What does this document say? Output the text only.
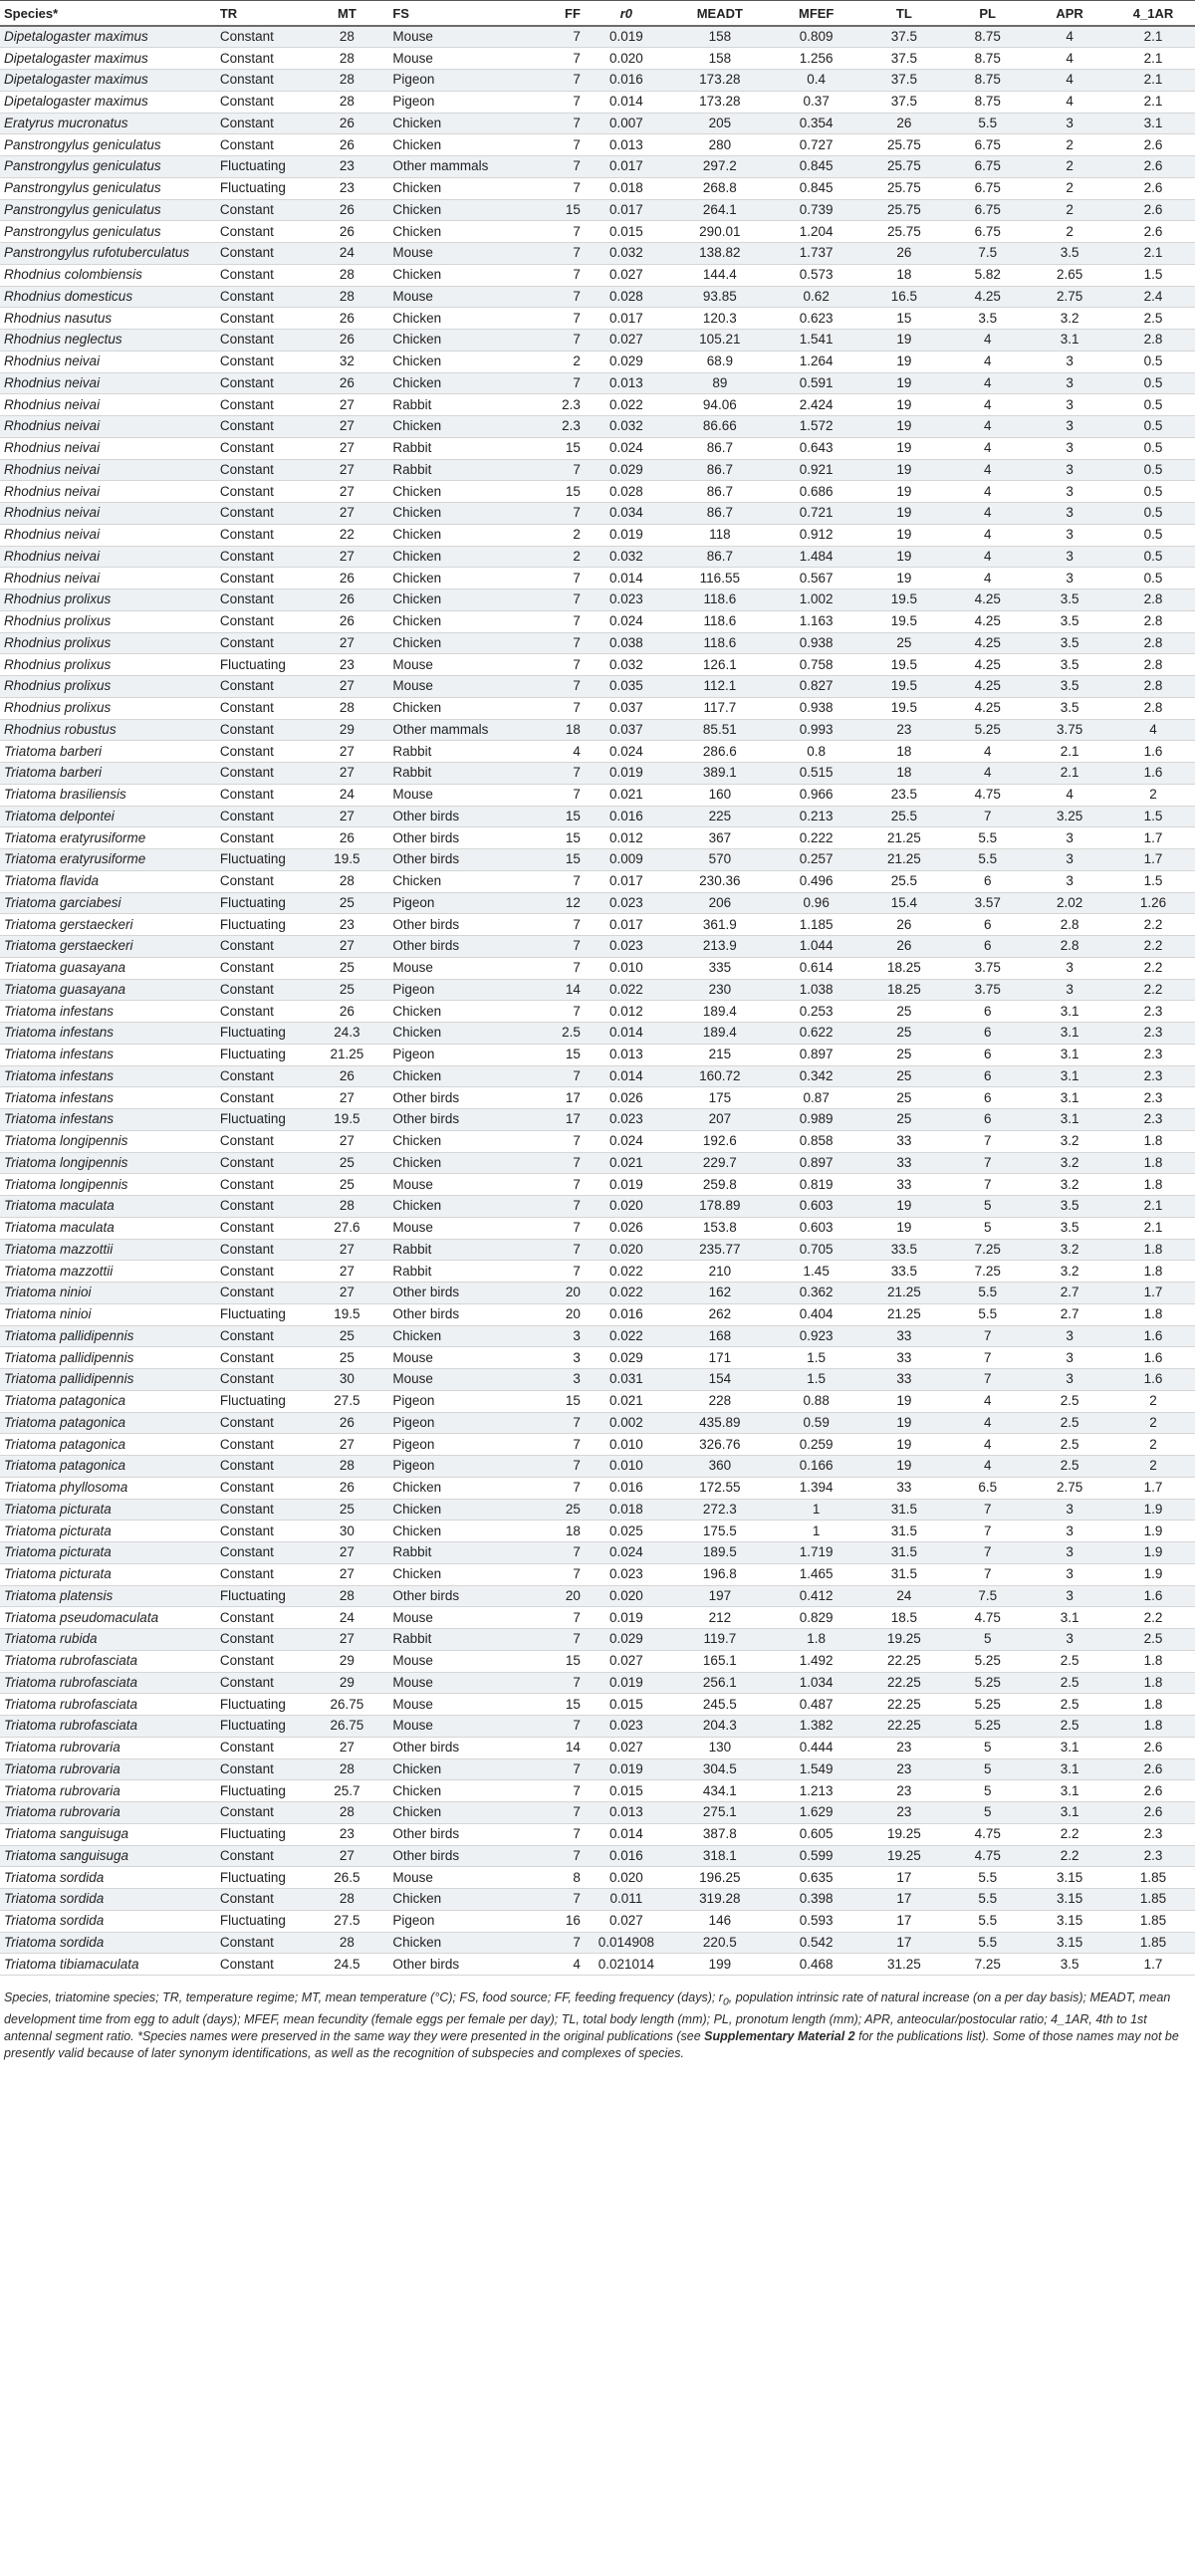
Species*	TR	MT	FS	FF	r0	MEADT	MFEF	TL	PL	APR	4_1AR
Dipetalogaster maximus	Constant	28	Mouse	7	0.019	158	0.809	37.5	8.75	4	2.1
Dipetalogaster maximus	Constant	28	Mouse	7	0.020	158	1.256	37.5	8.75	4	2.1
Dipetalogaster maximus	Constant	28	Pigeon	7	0.016	173.28	0.4	37.5	8.75	4	2.1
Dipetalogaster maximus	Constant	28	Pigeon	7	0.014	173.28	0.37	37.5	8.75	4	2.1
Eratyrus mucronatus	Constant	26	Chicken	7	0.007	205	0.354	26	5.5	3	3.1
Panstrongylus geniculatus	Constant	26	Chicken	7	0.013	280	0.727	25.75	6.75	2	2.6
Panstrongylus geniculatus	Fluctuating	23	Other mammals	7	0.017	297.2	0.845	25.75	6.75	2	2.6
Panstrongylus geniculatus	Fluctuating	23	Chicken	7	0.018	268.8	0.845	25.75	6.75	2	2.6
Panstrongylus geniculatus	Constant	26	Chicken	15	0.017	264.1	0.739	25.75	6.75	2	2.6
Panstrongylus geniculatus	Constant	26	Chicken	7	0.015	290.01	1.204	25.75	6.75	2	2.6
Panstrongylus rufotuberculatus	Constant	24	Mouse	7	0.032	138.82	1.737	26	7.5	3.5	2.1
Rhodnius colombiensis	Constant	28	Chicken	7	0.027	144.4	0.573	18	5.82	2.65	1.5
Rhodnius domesticus	Constant	28	Mouse	7	0.028	93.85	0.62	16.5	4.25	2.75	2.4
Rhodnius nasutus	Constant	26	Chicken	7	0.017	120.3	0.623	15	3.5	3.2	2.5
Rhodnius neglectus	Constant	26	Chicken	7	0.027	105.21	1.541	19	4	3.1	2.8
Rhodnius neivai	Constant	32	Chicken	2	0.029	68.9	1.264	19	4	3	0.5
Rhodnius neivai	Constant	26	Chicken	7	0.013	89	0.591	19	4	3	0.5
Rhodnius neivai	Constant	27	Rabbit	2.3	0.022	94.06	2.424	19	4	3	0.5
Rhodnius neivai	Constant	27	Chicken	2.3	0.032	86.66	1.572	19	4	3	0.5
Rhodnius neivai	Constant	27	Rabbit	15	0.024	86.7	0.643	19	4	3	0.5
Rhodnius neivai	Constant	27	Rabbit	7	0.029	86.7	0.921	19	4	3	0.5
Rhodnius neivai	Constant	27	Chicken	15	0.028	86.7	0.686	19	4	3	0.5
Rhodnius neivai	Constant	27	Chicken	7	0.034	86.7	0.721	19	4	3	0.5
Rhodnius neivai	Constant	22	Chicken	2	0.019	118	0.912	19	4	3	0.5
Rhodnius neivai	Constant	27	Chicken	2	0.032	86.7	1.484	19	4	3	0.5
Rhodnius neivai	Constant	26	Chicken	7	0.014	116.55	0.567	19	4	3	0.5
Rhodnius prolixus	Constant	26	Chicken	7	0.023	118.6	1.002	19.5	4.25	3.5	2.8
Rhodnius prolixus	Constant	26	Chicken	7	0.024	118.6	1.163	19.5	4.25	3.5	2.8
Rhodnius prolixus	Constant	27	Chicken	7	0.038	118.6	0.938	25	4.25	3.5	2.8
Rhodnius prolixus	Fluctuating	23	Mouse	7	0.032	126.1	0.758	19.5	4.25	3.5	2.8
Rhodnius prolixus	Constant	27	Mouse	7	0.035	112.1	0.827	19.5	4.25	3.5	2.8
Rhodnius prolixus	Constant	28	Chicken	7	0.037	117.7	0.938	19.5	4.25	3.5	2.8
Rhodnius robustus	Constant	29	Other mammals	18	0.037	85.51	0.993	23	5.25	3.75	4
Triatoma barberi	Constant	27	Rabbit	4	0.024	286.6	0.8	18	4	2.1	1.6
Triatoma barberi	Constant	27	Rabbit	7	0.019	389.1	0.515	18	4	2.1	1.6
Triatoma brasiliensis	Constant	24	Mouse	7	0.021	160	0.966	23.5	4.75	4	2
Triatoma delpontei	Constant	27	Other birds	15	0.016	225	0.213	25.5	7	3.25	1.5
Triatoma eratyrusiforme	Constant	26	Other birds	15	0.012	367	0.222	21.25	5.5	3	1.7
Triatoma eratyrusiforme	Fluctuating	19.5	Other birds	15	0.009	570	0.257	21.25	5.5	3	1.7
Triatoma flavida	Constant	28	Chicken	7	0.017	230.36	0.496	25.5	6	3	1.5
Triatoma garciabesi	Fluctuating	25	Pigeon	12	0.023	206	0.96	15.4	3.57	2.02	1.26
Triatoma gerstaeckeri	Fluctuating	23	Other birds	7	0.017	361.9	1.185	26	6	2.8	2.2
Triatoma gerstaeckeri	Constant	27	Other birds	7	0.023	213.9	1.044	26	6	2.8	2.2
Triatoma guasayana	Constant	25	Mouse	7	0.010	335	0.614	18.25	3.75	3	2.2
Triatoma guasayana	Constant	25	Pigeon	14	0.022	230	1.038	18.25	3.75	3	2.2
Triatoma infestans	Constant	26	Chicken	7	0.012	189.4	0.253	25	6	3.1	2.3
Triatoma infestans	Fluctuating	24.3	Chicken	2.5	0.014	189.4	0.622	25	6	3.1	2.3
Triatoma infestans	Fluctuating	21.25	Pigeon	15	0.013	215	0.897	25	6	3.1	2.3
Triatoma infestans	Constant	26	Chicken	7	0.014	160.72	0.342	25	6	3.1	2.3
Triatoma infestans	Constant	27	Other birds	17	0.026	175	0.87	25	6	3.1	2.3
Triatoma infestans	Fluctuating	19.5	Other birds	17	0.023	207	0.989	25	6	3.1	2.3
Triatoma longipennis	Constant	27	Chicken	7	0.024	192.6	0.858	33	7	3.2	1.8
Triatoma longipennis	Constant	25	Chicken	7	0.021	229.7	0.897	33	7	3.2	1.8
Triatoma longipennis	Constant	25	Mouse	7	0.019	259.8	0.819	33	7	3.2	1.8
Triatoma maculata	Constant	28	Chicken	7	0.020	178.89	0.603	19	5	3.5	2.1
Triatoma maculata	Constant	27.6	Mouse	7	0.026	153.8	0.603	19	5	3.5	2.1
Triatoma mazzottii	Constant	27	Rabbit	7	0.020	235.77	0.705	33.5	7.25	3.2	1.8
Triatoma mazzottii	Constant	27	Rabbit	7	0.022	210	1.45	33.5	7.25	3.2	1.8
Triatoma ninioi	Constant	27	Other birds	20	0.022	162	0.362	21.25	5.5	2.7	1.7
Triatoma ninioi	Fluctuating	19.5	Other birds	20	0.016	262	0.404	21.25	5.5	2.7	1.8
Triatoma pallidipennis	Constant	25	Chicken	3	0.022	168	0.923	33	7	3	1.6
Triatoma pallidipennis	Constant	25	Mouse	3	0.029	171	1.5	33	7	3	1.6
Triatoma pallidipennis	Constant	30	Mouse	3	0.031	154	1.5	33	7	3	1.6
Triatoma patagonica	Fluctuating	27.5	Pigeon	15	0.021	228	0.88	19	4	2.5	2
Triatoma patagonica	Constant	26	Pigeon	7	0.002	435.89	0.59	19	4	2.5	2
Triatoma patagonica	Constant	27	Pigeon	7	0.010	326.76	0.259	19	4	2.5	2
Triatoma patagonica	Constant	28	Pigeon	7	0.010	360	0.166	19	4	2.5	2
Triatoma phyllosoma	Constant	26	Chicken	7	0.016	172.55	1.394	33	6.5	2.75	1.7
Triatoma picturata	Constant	25	Chicken	25	0.018	272.3	1	31.5	7	3	1.9
Triatoma picturata	Constant	30	Chicken	18	0.025	175.5	1	31.5	7	3	1.9
Triatoma picturata	Constant	27	Rabbit	7	0.024	189.5	1.719	31.5	7	3	1.9
Triatoma picturata	Constant	27	Chicken	7	0.023	196.8	1.465	31.5	7	3	1.9
Triatoma platensis	Fluctuating	28	Other birds	20	0.020	197	0.412	24	7.5	3	1.6
Triatoma pseudomaculata	Constant	24	Mouse	7	0.019	212	0.829	18.5	4.75	3.1	2.2
Triatoma rubida	Constant	27	Rabbit	7	0.029	119.7	1.8	19.25	5	3	2.5
Triatoma rubrofasciata	Constant	29	Mouse	15	0.027	165.1	1.492	22.25	5.25	2.5	1.8
Triatoma rubrofasciata	Constant	29	Mouse	7	0.019	256.1	1.034	22.25	5.25	2.5	1.8
Triatoma rubrofasciata	Fluctuating	26.75	Mouse	15	0.015	245.5	0.487	22.25	5.25	2.5	1.8
Triatoma rubrofasciata	Fluctuating	26.75	Mouse	7	0.023	204.3	1.382	22.25	5.25	2.5	1.8
Triatoma rubrovaria	Constant	27	Other birds	14	0.027	130	0.444	23	5	3.1	2.6
Triatoma rubrovaria	Constant	28	Chicken	7	0.019	304.5	1.549	23	5	3.1	2.6
Triatoma rubrovaria	Fluctuating	25.7	Chicken	7	0.015	434.1	1.213	23	5	3.1	2.6
Triatoma rubrovaria	Constant	28	Chicken	7	0.013	275.1	1.629	23	5	3.1	2.6
Triatoma sanguisuga	Fluctuating	23	Other birds	7	0.014	387.8	0.605	19.25	4.75	2.2	2.3
Triatoma sanguisuga	Constant	27	Other birds	7	0.016	318.1	0.599	19.25	4.75	2.2	2.3
Triatoma sordida	Fluctuating	26.5	Mouse	8	0.020	196.25	0.635	17	5.5	3.15	1.85
Triatoma sordida	Constant	28	Chicken	7	0.011	319.28	0.398	17	5.5	3.15	1.85
Triatoma sordida	Fluctuating	27.5	Pigeon	16	0.027	146	0.593	17	5.5	3.15	1.85
Triatoma sordida	Constant	28	Chicken	7	0.014908	220.5	0.542	17	5.5	3.15	1.85
Triatoma tibiamaculata	Constant	24.5	Other birds	4	0.021014	199	0.468	31.25	7.25	3.5	1.7
Species, triatomine species; TR, temperature regime; MT, mean temperature (°C); FS, food source; FF, feeding frequency (days); $r_0$, population intrinsic rate of natural increase (on a per day basis); MEADT, mean development time from egg to adult (days); MFEF, mean fecundity (female eggs per female per day); TL, total body length (mm); PL, pronotum length (mm); APR, anteocular/postocular ratio; 4_1AR, 4th to 1st antennal segment ratio. *Species names were preserved in the same way they were presented in the original publications (see Supplementary Material 2 for the publications list). Some of those names may not be presently valid because of later synonym identifications, as well as the recognition of subspecies and complexes of species.
